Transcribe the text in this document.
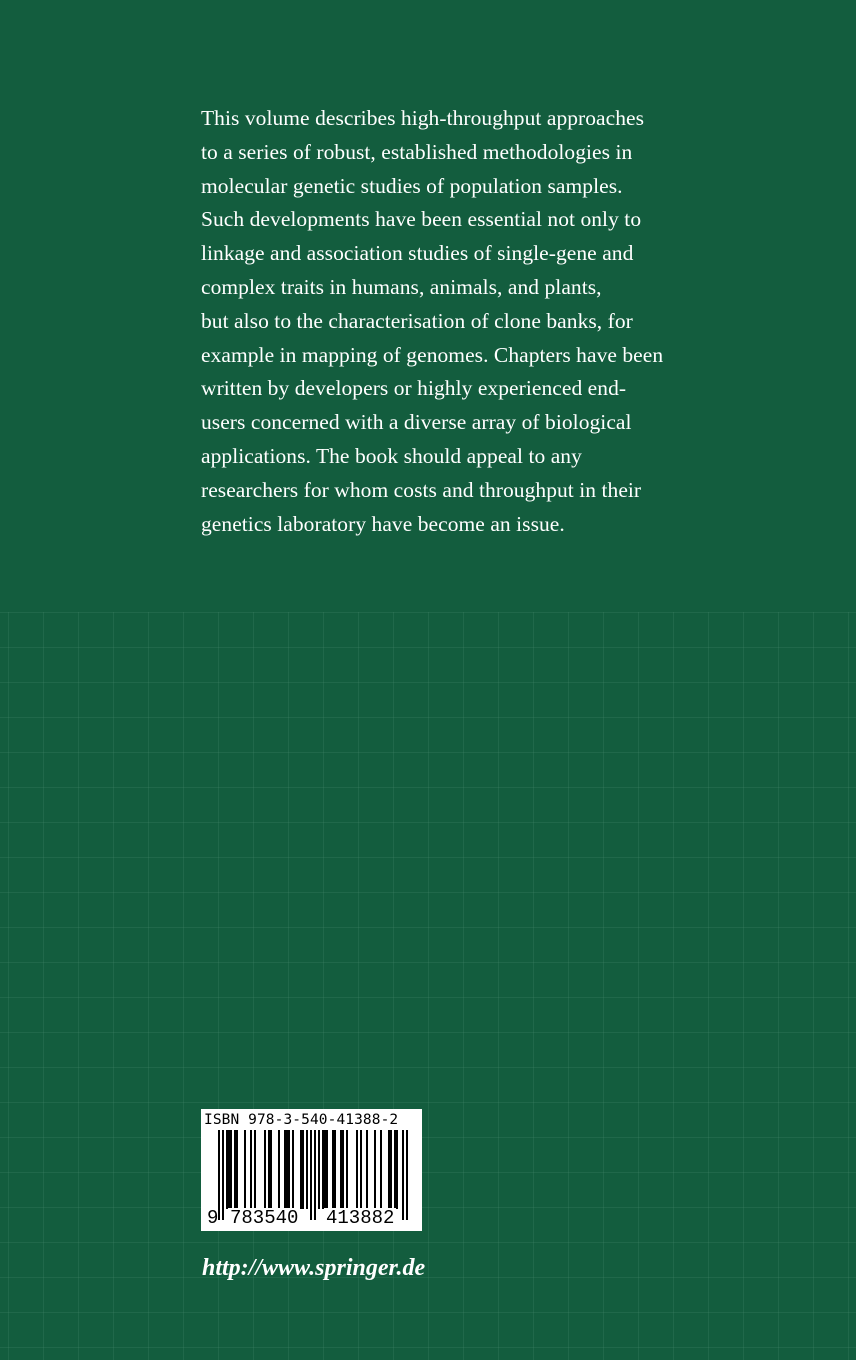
This volume describes high-throughput approaches
to a series of robust, established methodologies in
molecular genetic studies of population samples.
Such developments have been essential not only to
linkage and association studies of single-gene and
complex traits in humans, animals, and plants,
but also to the characterisation of clone banks, for
example in mapping of genomes. Chapters have been
written by developers or highly experienced end-
users concerned with a diverse array of biological
applications. The book should appeal to any
researchers for whom costs and throughput in their
genetics laboratory have become an issue.
ISBN 978-3-540-41388-2
9 783540 413882
http://www.springer.de
